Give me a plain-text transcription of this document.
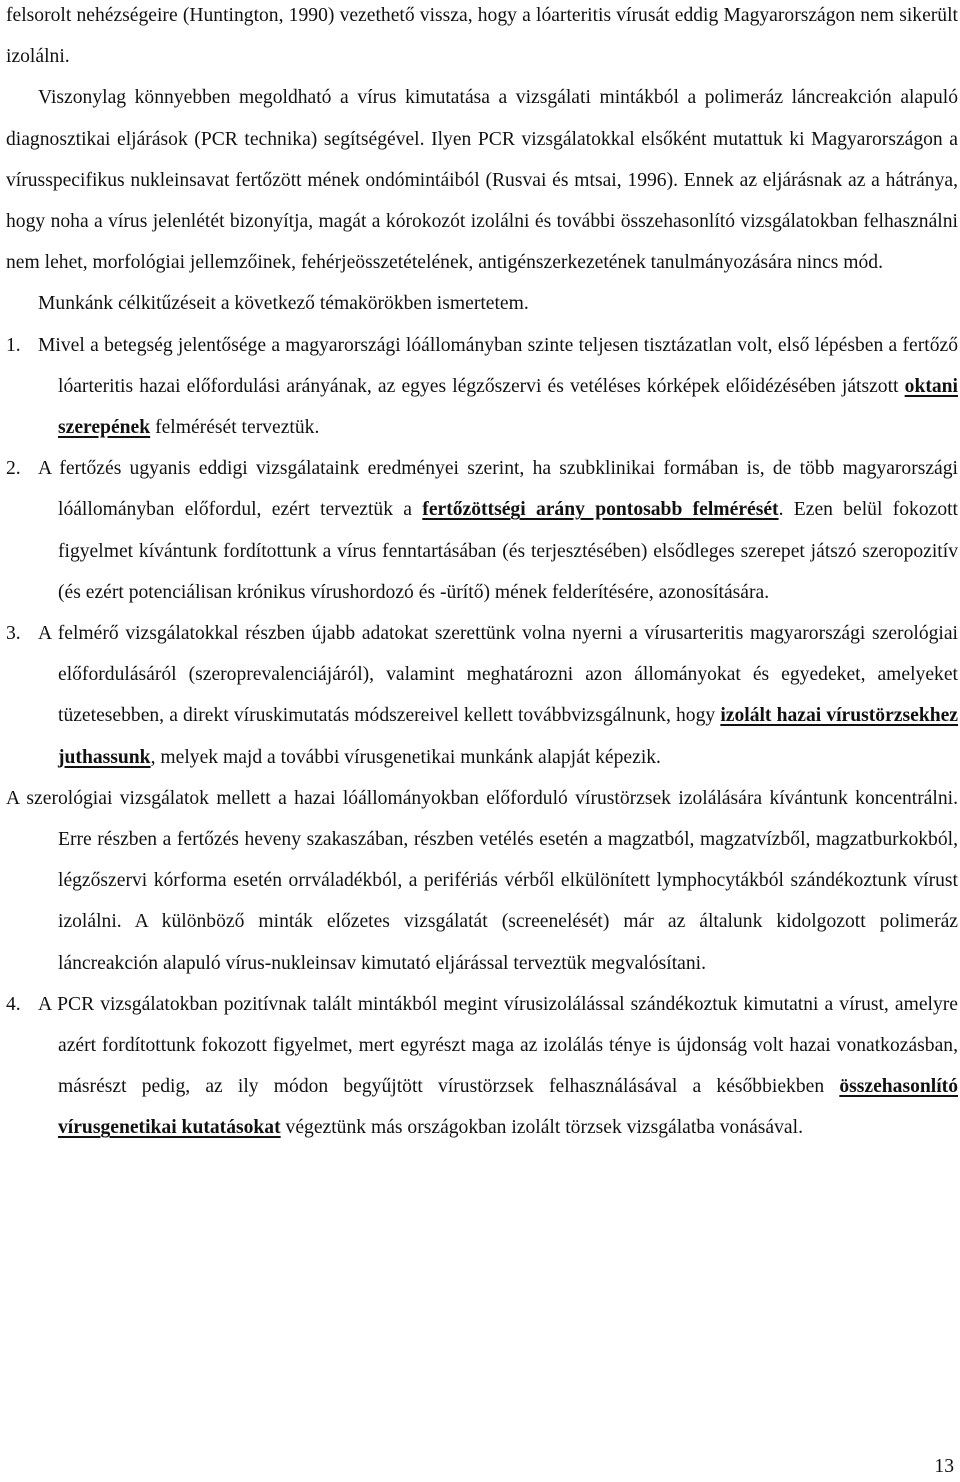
felsorolt nehézségeire (Huntington, 1990) vezethető vissza, hogy a lóarteritis vírusát eddig Magyarországon nem sikerült izolálni.

Viszonylag könnyebben megoldható a vírus kimutatása a vizsgálati mintákból a polimeráz láncreakción alapuló diagnosztikai eljárások (PCR technika) segítségével. Ilyen PCR vizsgálatokkal elsőként mutattuk ki Magyarországon a vírusspecifikus nukleinsavat fertőzött mének ondómintáiból (Rusvai és mtsai, 1996). Ennek az eljárásnak az a hátránya, hogy noha a vírus jelenlétét bizonyítja, magát a kórokozót izolálni és további összehasonlító vizsgálatokban felhasználni nem lehet, morfológiai jellemzőinek, fehérjeösszetételének, antigénszerkezetének tanulmányozására nincs mód.

Munkánk célkitűzéseit a következő témakörökben ismertetem.

1. Mivel a betegség jelentősége a magyarországi lóállományban szinte teljesen tisztázatlan volt, első lépésben a fertőző lóarteritis hazai előfordulási arányának, az egyes légzőszervi és vetéléses kórképek előidézésében játszott oktani szerepének felmérését terveztük.

2. A fertőzés ugyanis eddigi vizsgálataink eredményei szerint, ha szubklinikai formában is, de több magyarországi lóállományban előfordul, ezért terveztük a fertőzöttségi arány pontosabb felmérését. Ezen belül fokozott figyelmet kívántunk fordítottunk a vírus fenntartásában (és terjesztésében) elsődleges szerepet játszó szeropozitív (és ezért potenciálisan krónikus vírushordozó és -ürítő) mének felderítésére, azonosítására.

3. A felmérő vizsgálatokkal részben újabb adatokat szerettünk volna nyerni a vírusarteritis magyarországi szerológiai előfordulásáról (szeroprevalenciájáról), valamint meghatározni azon állományokat és egyedeket, amelyeket tüzetesebben, a direkt víruskimutatás módszereivel kellett továbbvizsgálnunk, hogy izolált hazai vírustörzsekhez juthassunk, melyek majd a további vírusgenetikai munkánk alapját képezik.

A szerológiai vizsgálatok mellett a hazai lóállományokban előforduló vírustörzsek izolálására kívántunk koncentrálni. Erre részben a fertőzés heveny szakaszában, részben vetélés esetén a magzatból, magzatvízből, magzatburkokból, légzőszervi kórforma esetén orrváladékból, a perifériás vérből elkülönített lymphocytákból szándékoztunk vírust izolálni. A különböző minták előzetes vizsgálatát (screenelését) már az általunk kidolgozott polimeráz láncreakción alapuló vírus-nukleinsav kimutató eljárással terveztük megvalósítani.

4. A PCR vizsgálatokban pozitívnak talált mintákból megint vírusizolálással szándékoztuk kimutatni a vírust, amelyre azért fordítottunk fokozott figyelmet, mert egyrészt maga az izolálás ténye is újdonság volt hazai vonatkozásban, másrészt pedig, az ily módon begyűjtött vírustörzsek felhasználásával a későbbiekben összehasonlító vírusgenetikai kutatásokat végeztünk más országokban izolált törzsek vizsgálatba vonásával.

13
